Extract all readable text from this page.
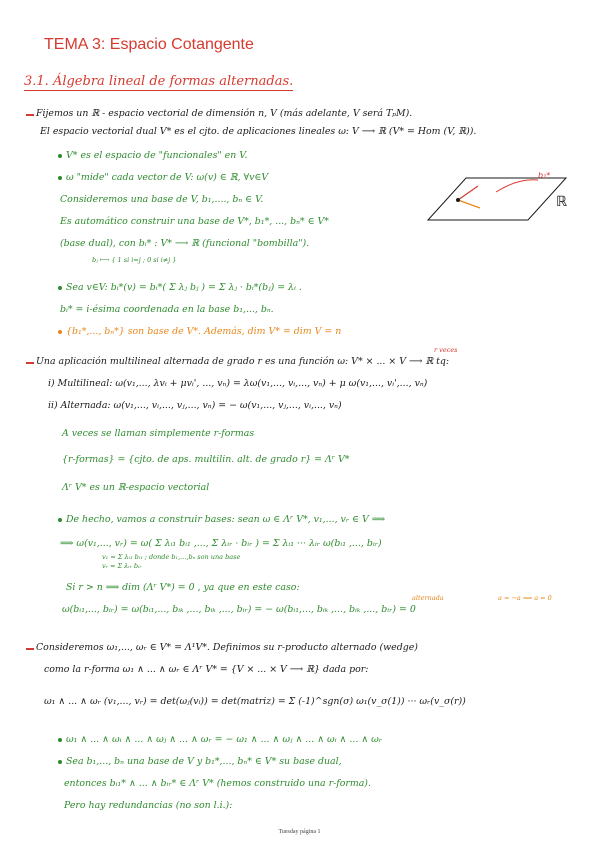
TEMA 3: Espacio Cotangente
3.1. Álgebra lineal de formas alternadas.
Fijemos un ℝ - espacio vectorial de dimensión n, V (más adelante, V será TₚM).
El espacio vectorial dual V* es el cjto. de aplicaciones lineales ω: V ⟶ ℝ (V* = Hom (V, ℝ)).
V* es el espacio de "funcionales" en V.
ω "mide" cada vector de V: ω(v) ∈ ℝ, ∀v∈V
Consideremos una base de V, b₁,...., bₙ ∈ V.
Es automático construir una base de V*, b₁*, ..., bₙ* ∈ V*
(base dual), con bᵢ* : V* ⟶ ℝ (funcional "bombilla").
Sea v∈V: bᵢ*(v) = bᵢ*( Σ λⱼ bⱼ ) = Σ λⱼ · bᵢ*(bⱼ) = λᵢ .
bᵢ* = i-ésima coordenada en la base b₁,..., bₙ.
{b₁*,..., bₙ*} son base de V*. Además, dim V* = dim V = n
Una aplicación multilineal alternada de grado r es una función ω: V* × ... × V ⟶ ℝ tq:
i) Multilineal: ω(v₁,..., λvᵢ + μvᵢ', ..., vₙ) = λω(v₁,..., vᵢ,..., vₙ) + μ ω(v₁,..., vᵢ',..., vₙ)
ii) Alternada: ω(v₁,..., vᵢ,..., vⱼ,..., vₙ) = − ω(v₁,..., vⱼ,..., vᵢ,..., vₙ)
A veces se llaman simplemente r-formas
{r-formas} = {cjto. de aps. multilin. alt. de grado r} = Λʳ V*
Λʳ V* es un ℝ-espacio vectorial
De hecho, vamos a construir bases: sean ω ∈ Λʳ V*, v₁,..., vᵣ ∈ V ⟹
⟹ ω(v₁,..., vᵣ) = ω( Σ λᵢ₁ bᵢ₁ ,..., Σ λᵢᵣ · bᵢᵣ ) = Σ λᵢ₁ ··· λᵢᵣ ω(bᵢ₁ ,..., bᵢᵣ)
Si r > n ⟹ dim (Λʳ V*) = 0 , ya que en este caso:
ω(bᵢ₁,..., bᵢᵣ) = ω(bᵢ₁,..., bᵢₖ ,..., bᵢₖ ,..., bᵢᵣ) = − ω(bᵢ₁,..., bᵢₖ ,..., bᵢₖ ,..., bᵢᵣ) = 0
Consideremos ω₁,..., ωᵣ ∈ V* = Λ¹V*. Definimos su r-producto alternado (wedge)
como la r-forma ω₁ ∧ ... ∧ ωᵣ ∈ Λʳ V* = {V × ... × V ⟶ ℝ} dada por:
ω₁ ∧ ... ∧ ωᵣ (v₁,..., vᵣ) = det(ωⱼ(vᵢ)) = det(matriz) = Σ (-1)^sgn(σ) ω₁(v_σ(1)) ··· ωᵣ(v_σ(r))
ω₁ ∧ ... ∧ ωᵢ ∧ ... ∧ ωⱼ ∧ ... ∧ ωᵣ = − ω₁ ∧ ... ∧ ωⱼ ∧ ... ∧ ωᵢ ∧ ... ∧ ωᵣ
Sea b₁,..., bₙ una base de V y b₁*,..., bₙ* ∈ V* su base dual,
entonces bᵢ₁* ∧ ... ∧ bᵢᵣ* ∈ Λʳ V* (hemos construido una r-forma).
Pero hay redundancias (no son l.i.):
bⱼ ⟼ { 1 si i=j ; 0 si i≠j }
v₁ = Σ λᵢ₁ bᵢ₁ ; donde b₁,...,bₙ son una base
vᵣ = Σ λᵢᵣ bᵢᵣ
r veces
alternada	a = −a ⟹ a = 0
b₁*
ℝ
Tuesday página 1
